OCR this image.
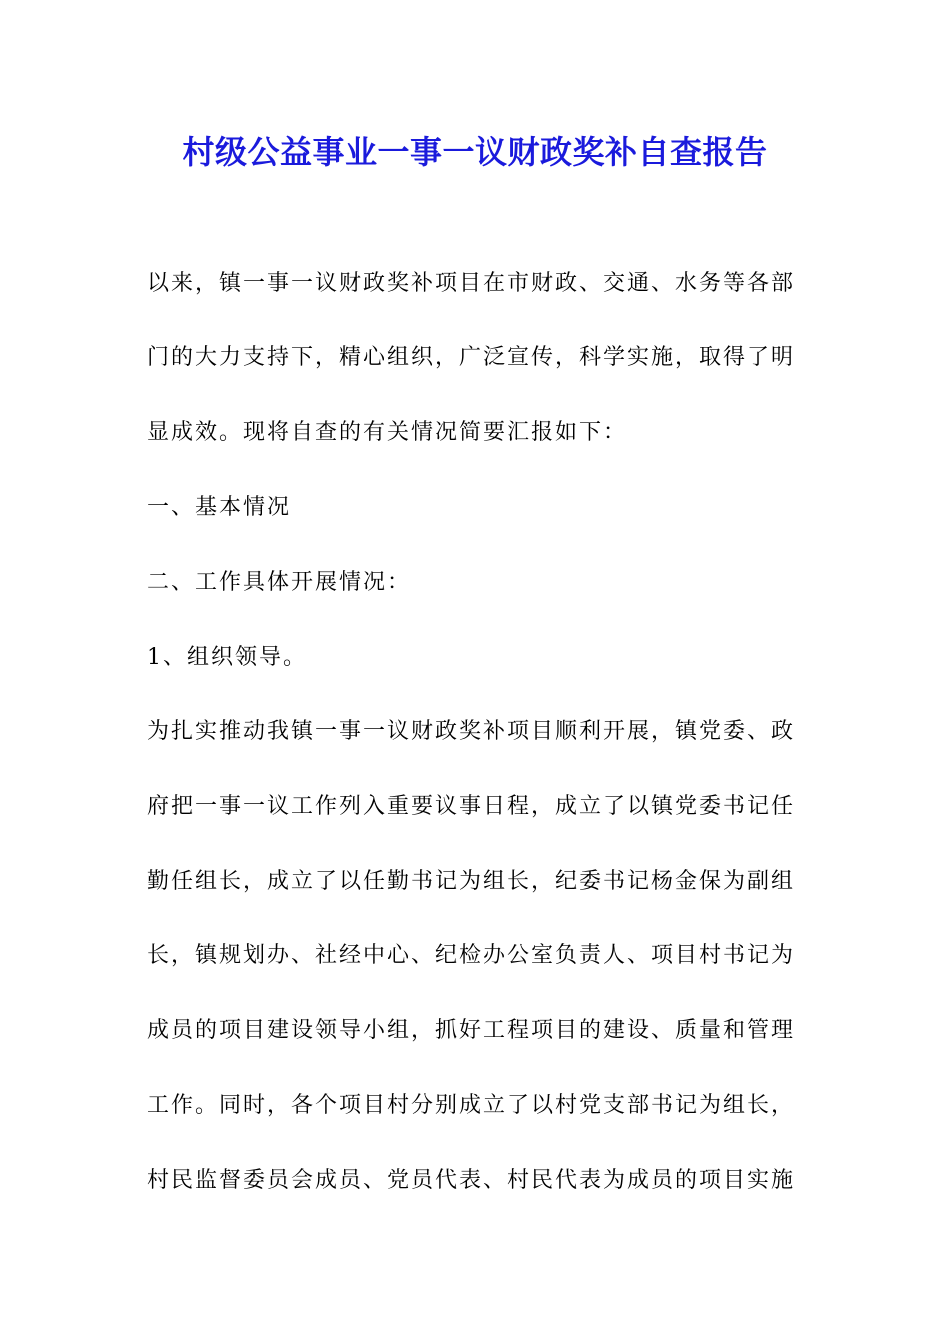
村级公益事业一事一议财政奖补自查报告
以来，镇一事一议财政奖补项目在市财政、交通、水务等各部
门的大力支持下，精心组织，广泛宣传，科学实施，取得了明
显成效。现将自查的有关情况简要汇报如下：
一、基本情况
二、工作具体开展情况：
1、组织领导。
为扎实推动我镇一事一议财政奖补项目顺利开展，镇党委、政
府把一事一议工作列入重要议事日程，成立了以镇党委书记任
勤任组长，成立了以任勤书记为组长，纪委书记杨金保为副组
长，镇规划办、社经中心、纪检办公室负责人、项目村书记为
成员的项目建设领导小组，抓好工程项目的建设、质量和管理
工作。同时，各个项目村分别成立了以村党支部书记为组长，
村民监督委员会成员、党员代表、村民代表为成员的项目实施
